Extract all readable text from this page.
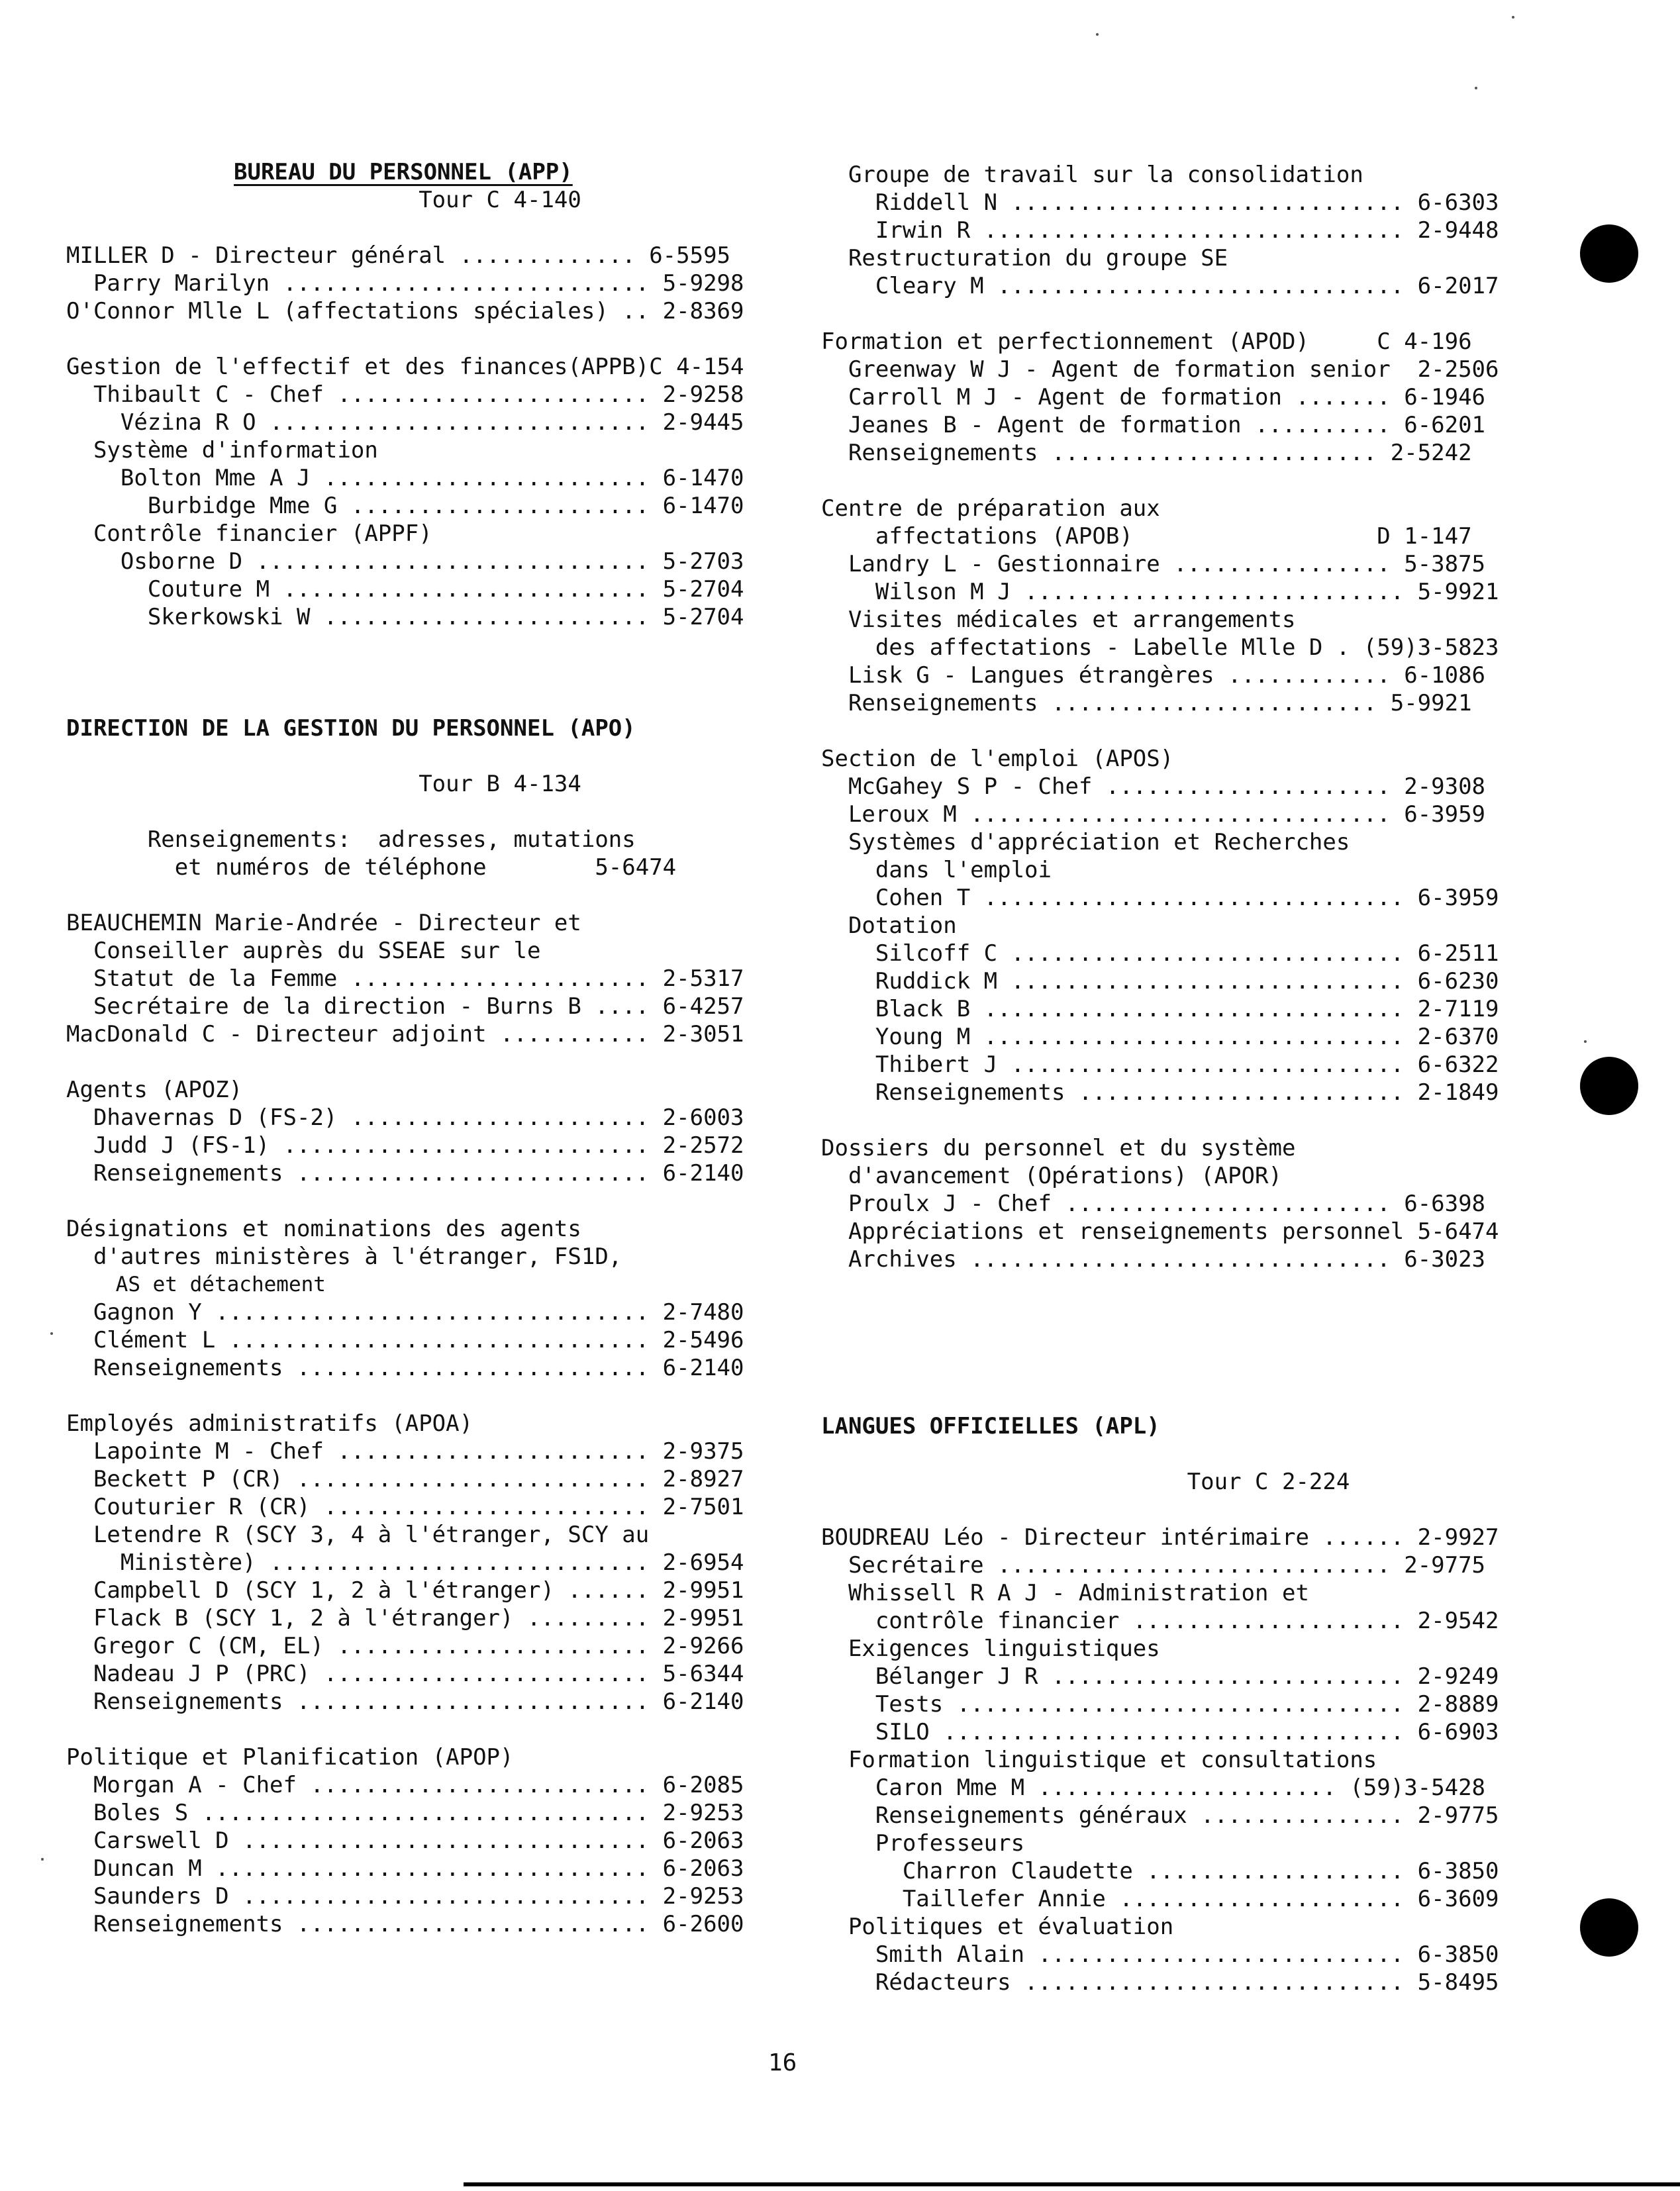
BUREAU DU PERSONNEL (APP)
Tour C 4-140
MILLER D - Directeur général ............. 6-5595
Parry Marilyn ........................... 5-9298
O'Connor Mlle L (affectations spéciales) .. 2-8369
Gestion de l'effectif et des finances(APPB)C 4-154
Thibault C - Chef ....................... 2-9258
Vézina R O ............................ 2-9445
Système d'information
Bolton Mme A J ........................ 6-1470
Burbidge Mme G ...................... 6-1470
Contrôle financier (APPF)
Osborne D ............................. 5-2703
Couture M ........................... 5-2704
Skerkowski W ........................ 5-2704
DIRECTION DE LA GESTION DU PERSONNEL (APO)
Tour B 4-134
Renseignements:  adresses, mutations
et numéros de téléphone        5-6474
BEAUCHEMIN Marie-Andrée - Directeur et
Conseiller auprès du SSEAE sur le
Statut de la Femme ...................... 2-5317
Secrétaire de la direction - Burns B .... 6-4257
MacDonald C - Directeur adjoint ........... 2-3051
Agents (APOZ)
Dhavernas D (FS-2) ...................... 2-6003
Judd J (FS-1) ........................... 2-2572
Renseignements .......................... 6-2140
Désignations et nominations des agents
d'autres ministères à l'étranger, FS1D,
AS et détachement
Gagnon Y ................................ 2-7480
Clément L ............................... 2-5496
Renseignements .......................... 6-2140
Employés administratifs (APOA)
Lapointe M - Chef ....................... 2-9375
Beckett P (CR) .......................... 2-8927
Couturier R (CR) ........................ 2-7501
Letendre R (SCY 3, 4 à l'étranger, SCY au
Ministère) ............................ 2-6954
Campbell D (SCY 1, 2 à l'étranger) ...... 2-9951
Flack B (SCY 1, 2 à l'étranger) ......... 2-9951
Gregor C (CM, EL) ....................... 2-9266
Nadeau J P (PRC) ........................ 5-6344
Renseignements .......................... 6-2140
Politique et Planification (APOP)
Morgan A - Chef ......................... 6-2085
Boles S ................................. 2-9253
Carswell D .............................. 6-2063
Duncan M ................................ 6-2063
Saunders D .............................. 2-9253
Renseignements .......................... 6-2600
Groupe de travail sur la consolidation
Riddell N ............................. 6-6303
Irwin R ............................... 2-9448
Restructuration du groupe SE
Cleary M .............................. 6-2017
Formation et perfectionnement (APOD)     C 4-196
Greenway W J - Agent de formation senior  2-2506
Carroll M J - Agent de formation ....... 6-1946
Jeanes B - Agent de formation .......... 6-6201
Renseignements ........................ 2-5242
Centre de préparation aux
affectations (APOB)                  D 1-147
Landry L - Gestionnaire ................ 5-3875
Wilson M J ............................ 5-9921
Visites médicales et arrangements
des affectations - Labelle Mlle D . (59)3-5823
Lisk G - Langues étrangères ............ 6-1086
Renseignements ........................ 5-9921
Section de l'emploi (APOS)
McGahey S P - Chef ..................... 2-9308
Leroux M ............................... 6-3959
Systèmes d'appréciation et Recherches
dans l'emploi
Cohen T ............................... 6-3959
Dotation
Silcoff C ............................. 6-2511
Ruddick M ............................. 6-6230
Black B ............................... 2-7119
Young M ............................... 2-6370
Thibert J ............................. 6-6322
Renseignements ........................ 2-1849
Dossiers du personnel et du système
d'avancement (Opérations) (APOR)
Proulx J - Chef ........................ 6-6398
Appréciations et renseignements personnel 5-6474
Archives ............................... 6-3023
LANGUES OFFICIELLES (APL)
Tour C 2-224
BOUDREAU Léo - Directeur intérimaire ...... 2-9927
Secrétaire ............................. 2-9775
Whissell R A J - Administration et
contrôle financier .................... 2-9542
Exigences linguistiques
Bélanger J R .......................... 2-9249
Tests ................................. 2-8889
SILO .................................. 6-6903
Formation linguistique et consultations
Caron Mme M ...................... (59)3-5428
Renseignements généraux ............... 2-9775
Professeurs
Charron Claudette ................... 6-3850
Taillefer Annie ..................... 6-3609
Politiques et évaluation
Smith Alain ........................... 6-3850
Rédacteurs ............................ 5-8495
16
